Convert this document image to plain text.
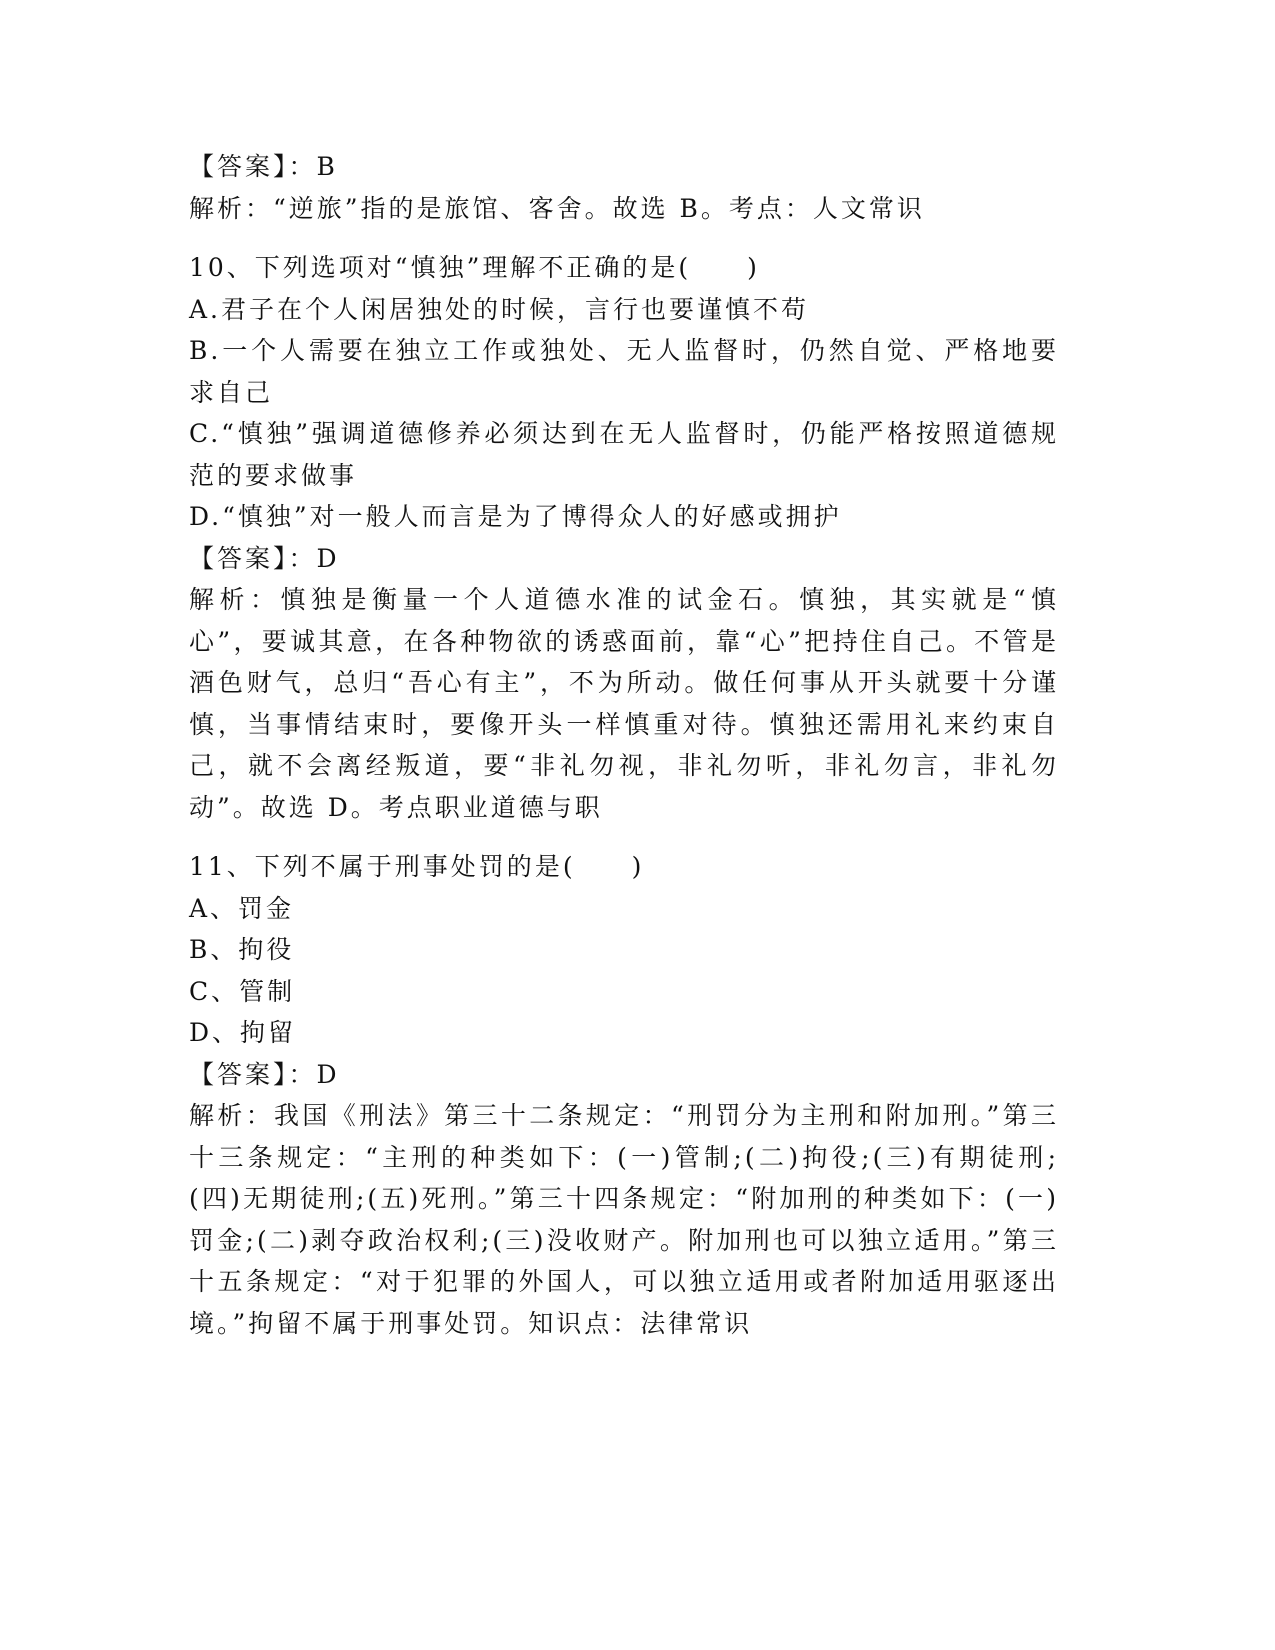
【答案】：B
解析：“逆旅”指的是旅馆、客舍。故选 B。考点：人文常识
10、下列选项对“慎独”理解不正确的是(　　)
A.君子在个人闲居独处的时候，言行也要谨慎不苟
B.一个人需要在独立工作或独处、无人监督时，仍然自觉、严格地要求自己
C.“慎独”强调道德修养必须达到在无人监督时，仍能严格按照道德规范的要求做事
D.“慎独”对一般人而言是为了博得众人的好感或拥护
【答案】：D
解析：慎独是衡量一个人道德水准的试金石。慎独，其实就是“慎心”，要诚其意，在各种物欲的诱惑面前，靠“心”把持住自己。不管是酒色财气，总归“吾心有主”，不为所动。做任何事从开头就要十分谨慎，当事情结束时，要像开头一样慎重对待。慎独还需用礼来约束自己，就不会离经叛道，要“非礼勿视，非礼勿听，非礼勿言，非礼勿动”。故选 D。考点职业道德与职
11、下列不属于刑事处罚的是(　　)
A、罚金
B、拘役
C、管制
D、拘留
【答案】：D
解析：我国《刑法》第三十二条规定：“刑罚分为主刑和附加刑。”第三十三条规定：“主刑的种类如下：(一)管制;(二)拘役;(三)有期徒刑;(四)无期徒刑;(五)死刑。”第三十四条规定：“附加刑的种类如下：(一)罚金;(二)剥夺政治权利;(三)没收财产。附加刑也可以独立适用。”第三十五条规定：“对于犯罪的外国人，可以独立适用或者附加适用驱逐出境。”拘留不属于刑事处罚。知识点：法律常识
